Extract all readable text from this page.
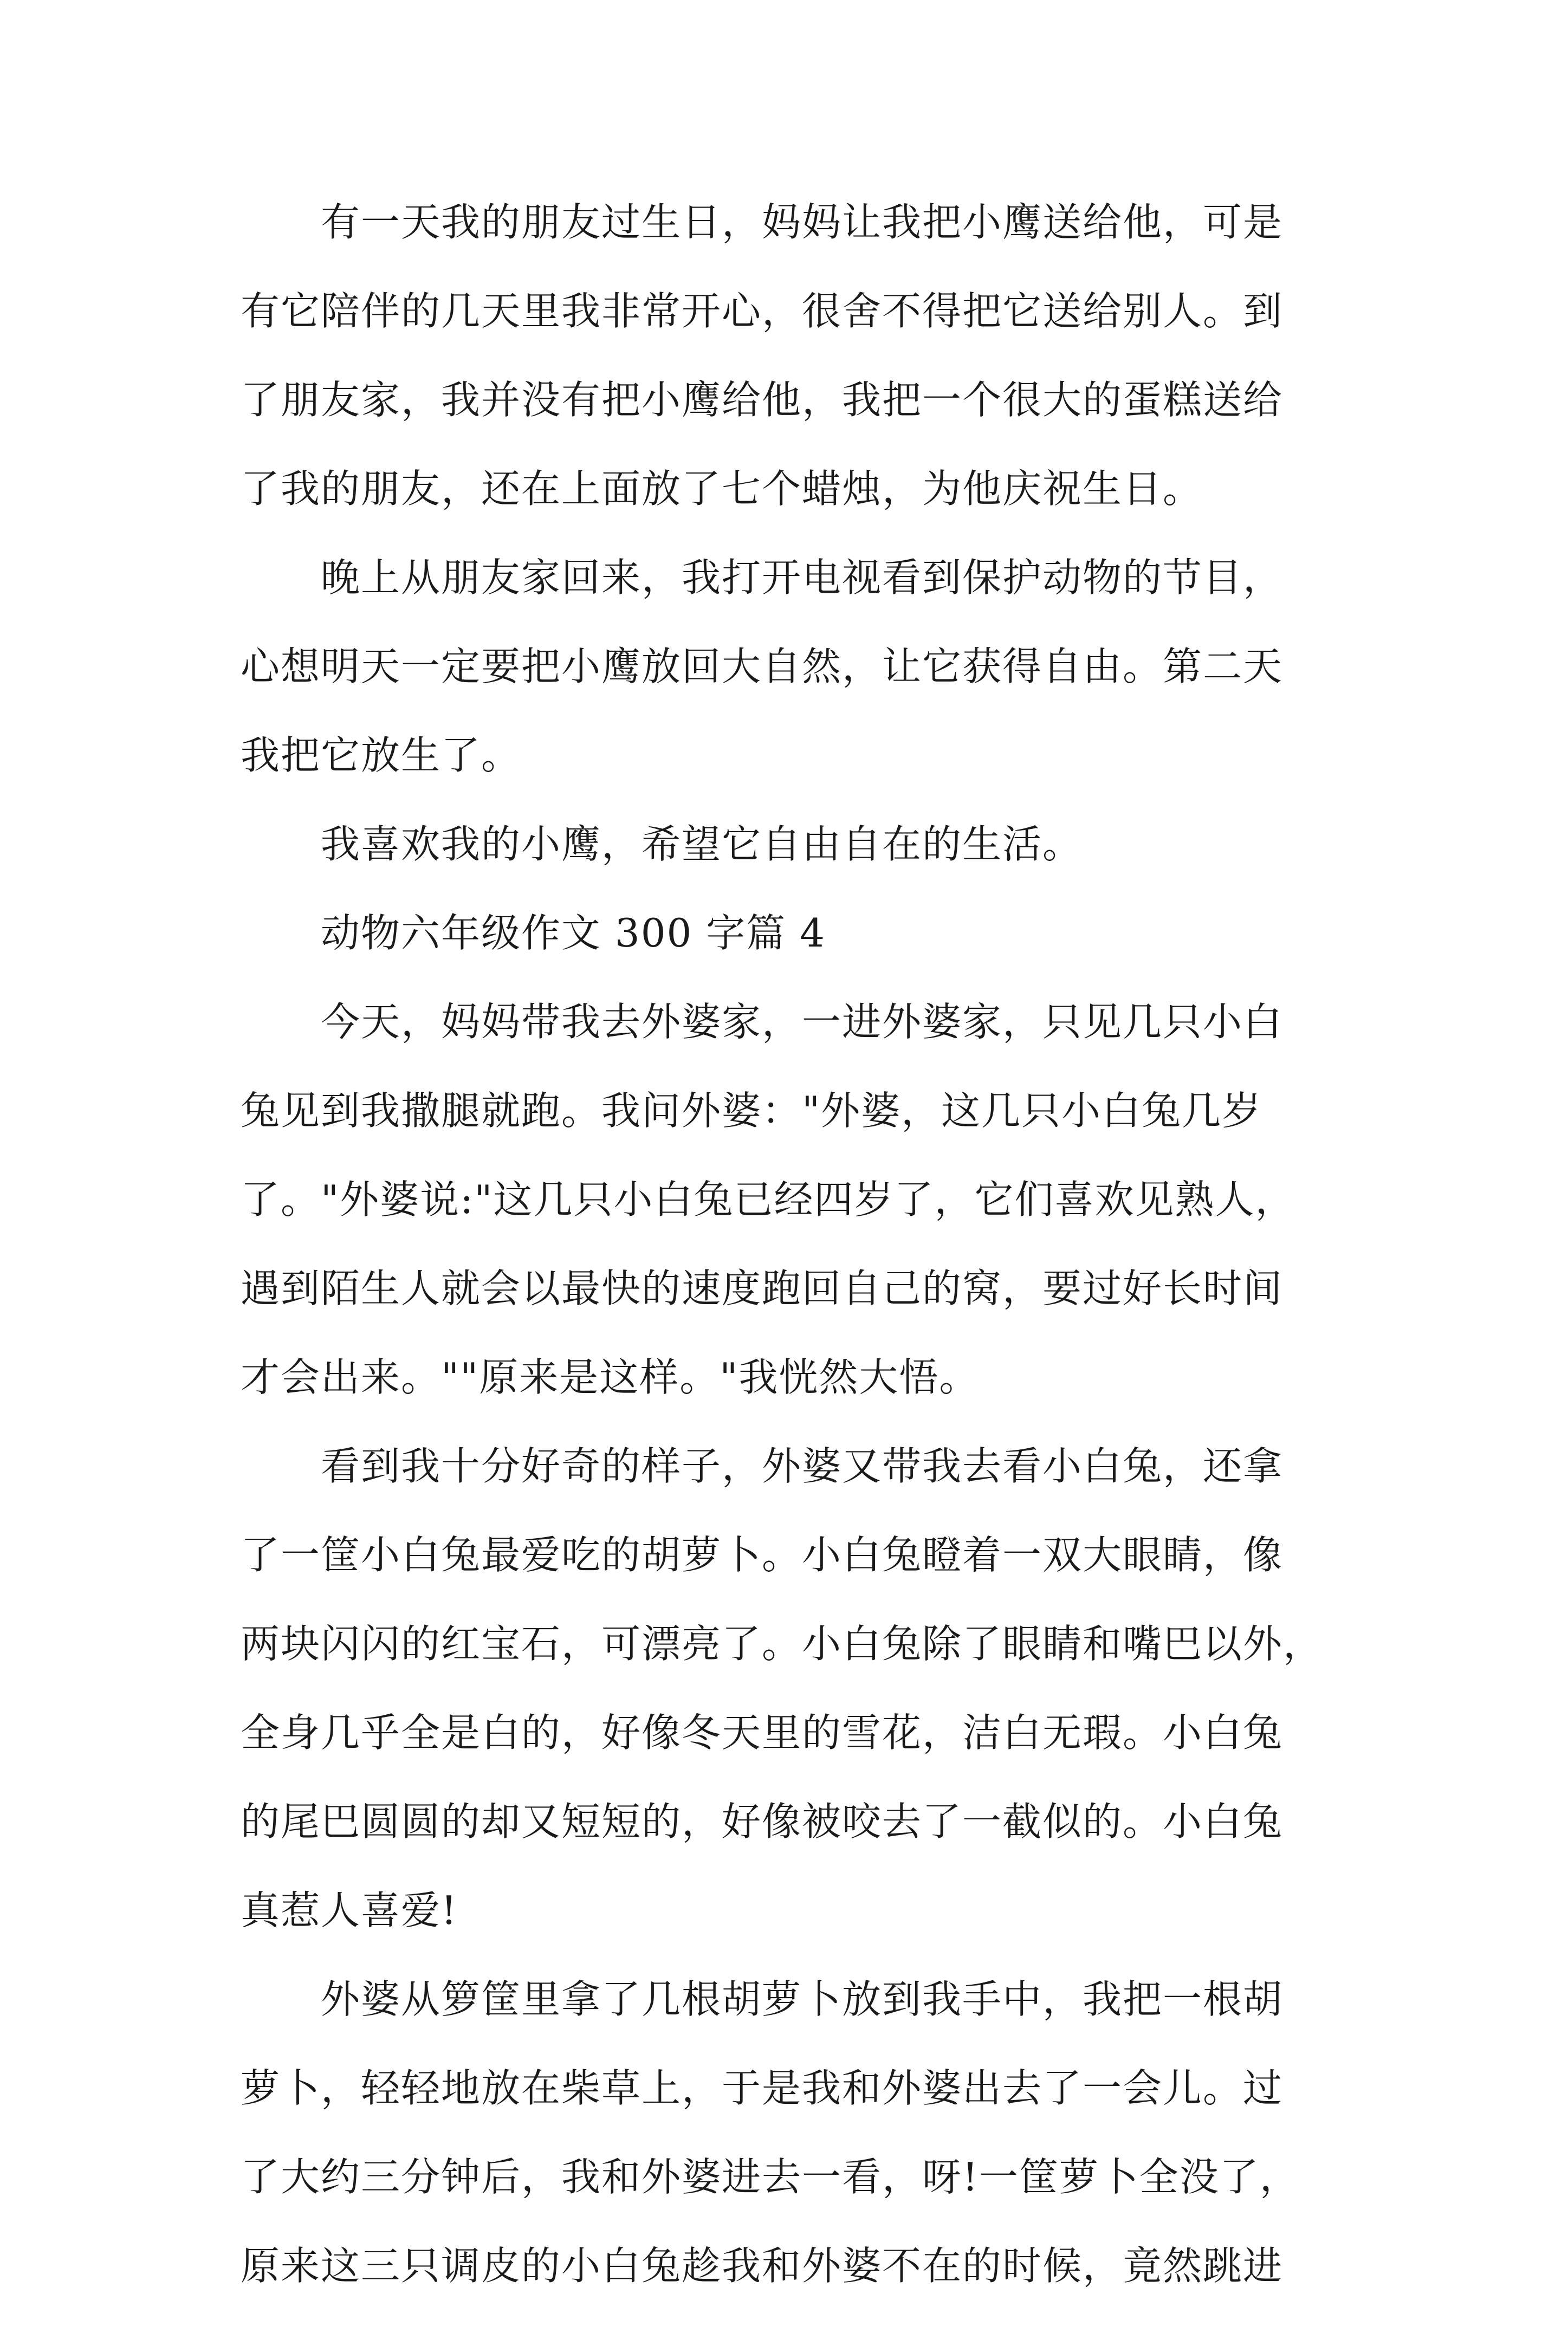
有一天我的朋友过生日，妈妈让我把小鹰送给他，可是
有它陪伴的几天里我非常开心，很舍不得把它送给别人。到
了朋友家，我并没有把小鹰给他，我把一个很大的蛋糕送给
了我的朋友，还在上面放了七个蜡烛，为他庆祝生日。
晚上从朋友家回来，我打开电视看到保护动物的节目，
心想明天一定要把小鹰放回大自然，让它获得自由。第二天
我把它放生了。
我喜欢我的小鹰，希望它自由自在的生活。
动物六年级作文 300 字篇 4
今天，妈妈带我去外婆家，一进外婆家，只见几只小白
兔见到我撒腿就跑。我问外婆："外婆，这几只小白兔几岁
了。"外婆说:"这几只小白兔已经四岁了，它们喜欢见熟人，
遇到陌生人就会以最快的速度跑回自己的窝，要过好长时间
才会出来。""原来是这样。"我恍然大悟。
看到我十分好奇的样子，外婆又带我去看小白兔，还拿
了一筐小白兔最爱吃的胡萝卜。小白兔瞪着一双大眼睛，像
两块闪闪的红宝石，可漂亮了。小白兔除了眼睛和嘴巴以外，
全身几乎全是白的，好像冬天里的雪花，洁白无瑕。小白兔
的尾巴圆圆的却又短短的，好像被咬去了一截似的。小白兔
真惹人喜爱!
外婆从箩筐里拿了几根胡萝卜放到我手中，我把一根胡
萝卜，轻轻地放在柴草上，于是我和外婆出去了一会儿。过
了大约三分钟后，我和外婆进去一看，呀!一筐萝卜全没了，
原来这三只调皮的小白兔趁我和外婆不在的时候，竟然跳进
